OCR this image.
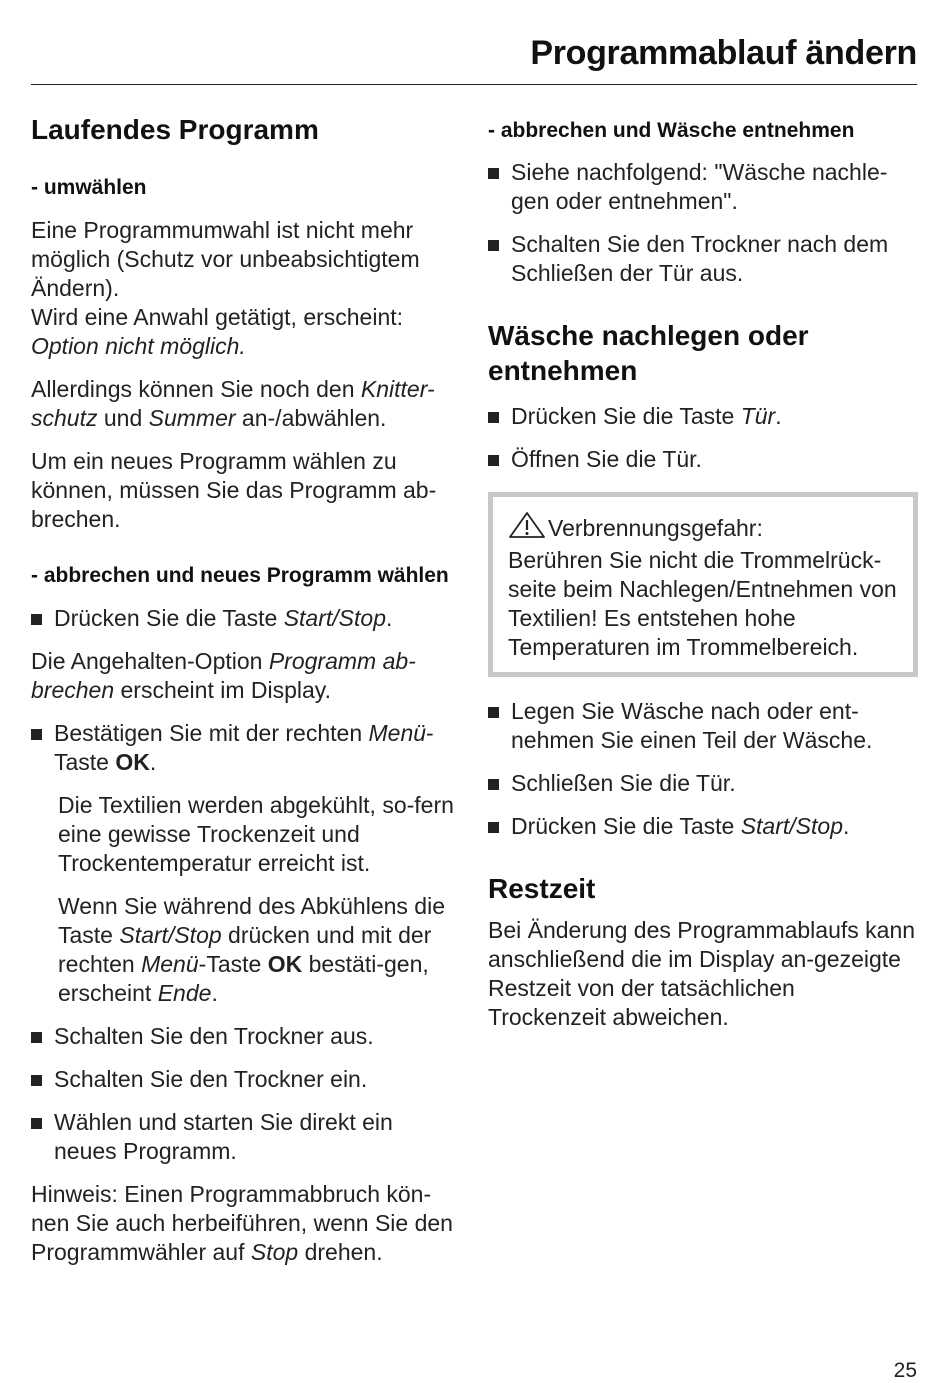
Programmablauf ändern
Laufendes Programm
- umwählen

Eine Programmumwahl ist nicht mehr möglich (Schutz vor unbeabsichtigtem Ändern).
Wird eine Anwahl getätigt, erscheint:
Option nicht möglich.

Allerdings können Sie noch den Knitter-schutz und Summer an-/abwählen.

Um ein neues Programm wählen zu können, müssen Sie das Programm ab-brechen.

- abbrechen und neues Programm wählen
Drücken Sie die Taste Start/Stop.

Die Angehalten-Option Programm ab-brechen erscheint im Display.

Bestätigen Sie mit der rechten Menü-Taste OK.

Die Textilien werden abgekühlt, so-fern eine gewisse Trockenzeit und Trockentemperatur erreicht ist.

Wenn Sie während des Abkühlens die Taste Start/Stop drücken und mit der rechten Menü-Taste OK bestäti-gen, erscheint Ende.

Schalten Sie den Trockner aus.
Schalten Sie den Trockner ein.
Wählen und starten Sie direkt ein neues Programm.

Hinweis: Einen Programmabbruch kön-nen Sie auch herbeiführen, wenn Sie den Programmwähler auf Stop drehen.

- abbrechen und Wäsche entnehmen
Siehe nachfolgend: "Wäsche nachle-gen oder entnehmen".
Schalten Sie den Trockner nach dem Schließen der Tür aus.
Wäsche nachlegen oder entnehmen
Drücken Sie die Taste Tür.
Öffnen Sie die Tür.

Verbrennungsgefahr:

Berühren Sie nicht die Trommelrück-seite beim Nachlegen/Entnehmen von Textilien! Es entstehen hohe Temperaturen im Trommelbereich.

Legen Sie Wäsche nach oder ent-nehmen Sie einen Teil der Wäsche.
Schließen Sie die Tür.
Drücken Sie die Taste Start/Stop.
Restzeit

Bei Änderung des Programmablaufs kann anschließend die im Display an-gezeigte Restzeit von der tatsächlichen Trockenzeit abweichen.

25
